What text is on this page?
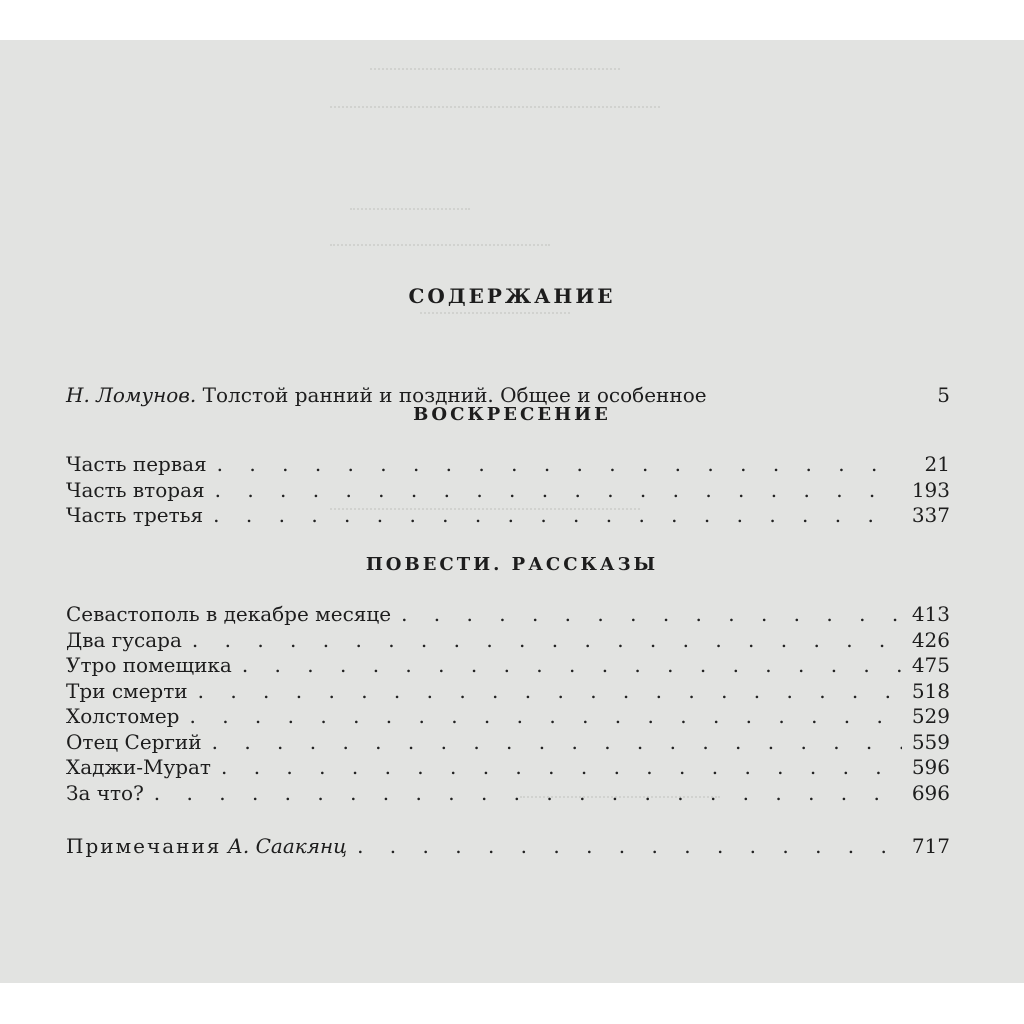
СОДЕРЖАНИЕ
Н. Ломунов. Толстой ранний и поздний. Общее и особенное	5
ВОСКРЕСЕНИЕ
Часть первая . . .	21
Часть вторая . . .	193
Часть третья . . .	337
ПОВЕСТИ. РАССКАЗЫ
Севастополь в декабре месяце . . .	413
Два гусара . . .	426
Утро помещика . . .	475
Три смерти . . .	518
Холстомер . . .	529
Отец Сергий . . .	559
Хаджи-Мурат . . .	596
За что? . . .	696
Примечания А. Саакянц . . .	717
